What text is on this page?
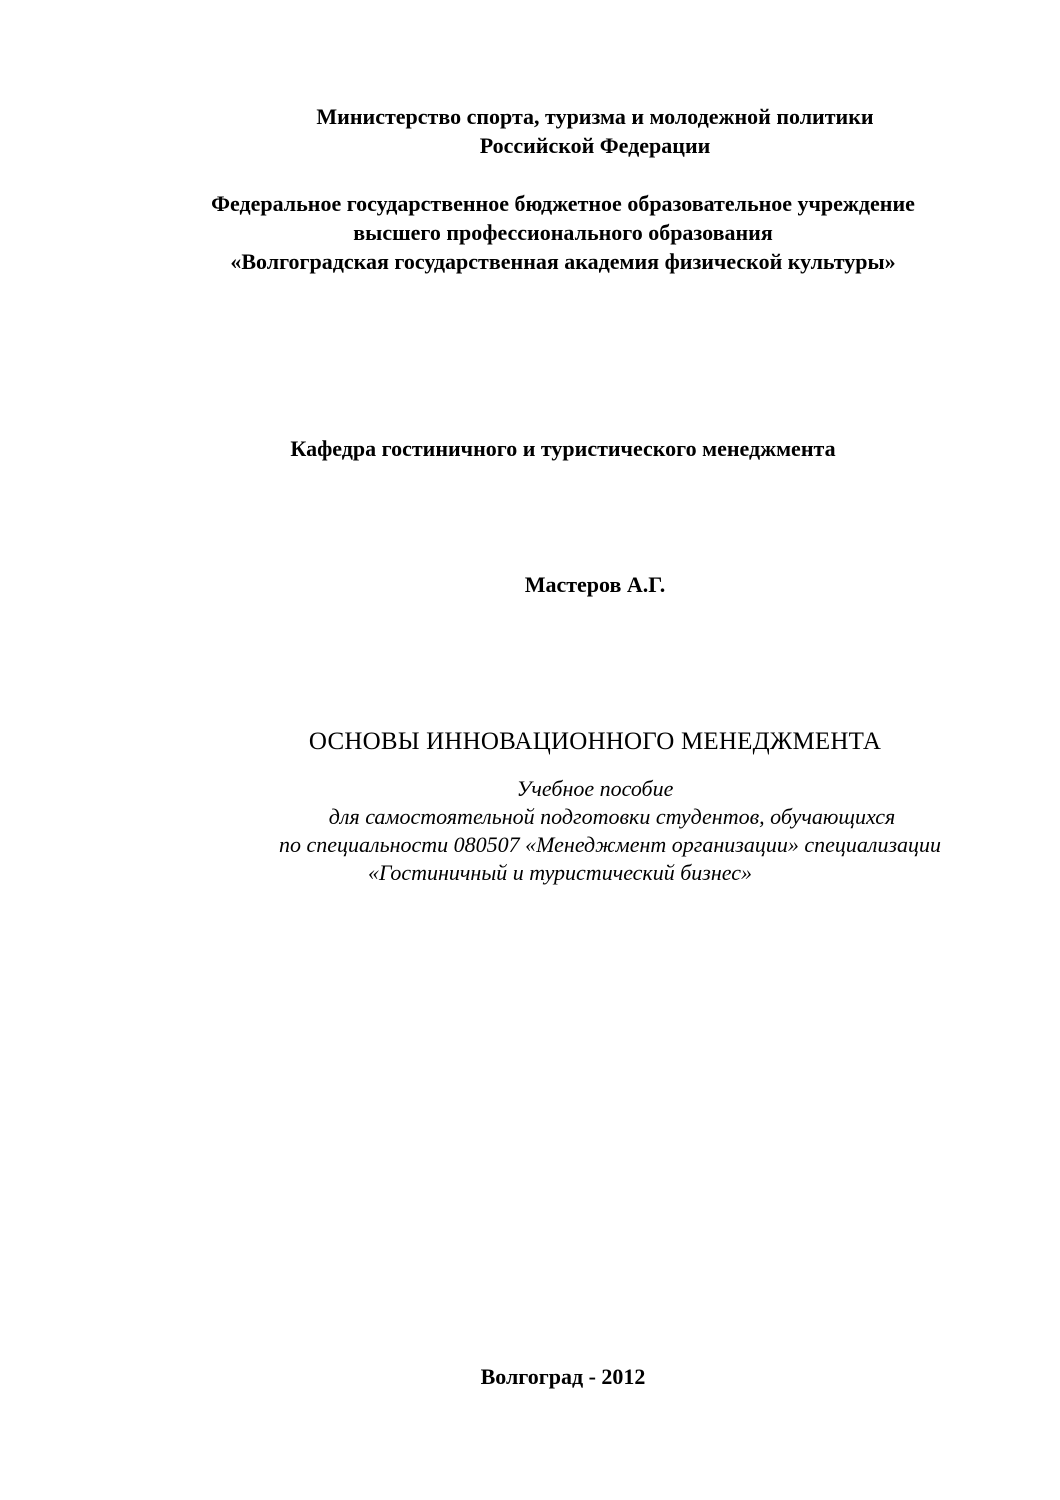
Министерство спорта, туризма и молодежной политики
Российской Федерации
Федеральное государственное бюджетное образовательное учреждение
высшего профессионального образования
«Волгоградская государственная академия физической культуры»
Кафедра гостиничного и туристического менеджмента
Мастеров А.Г.
ОСНОВЫ ИННОВАЦИОННОГО МЕНЕДЖМЕНТА
Учебное пособие
для самостоятельной подготовки студентов, обучающихся
по специальности 080507 «Менеджмент организации» специализации
«Гостиничный и туристический бизнес»
Волгоград - 2012
